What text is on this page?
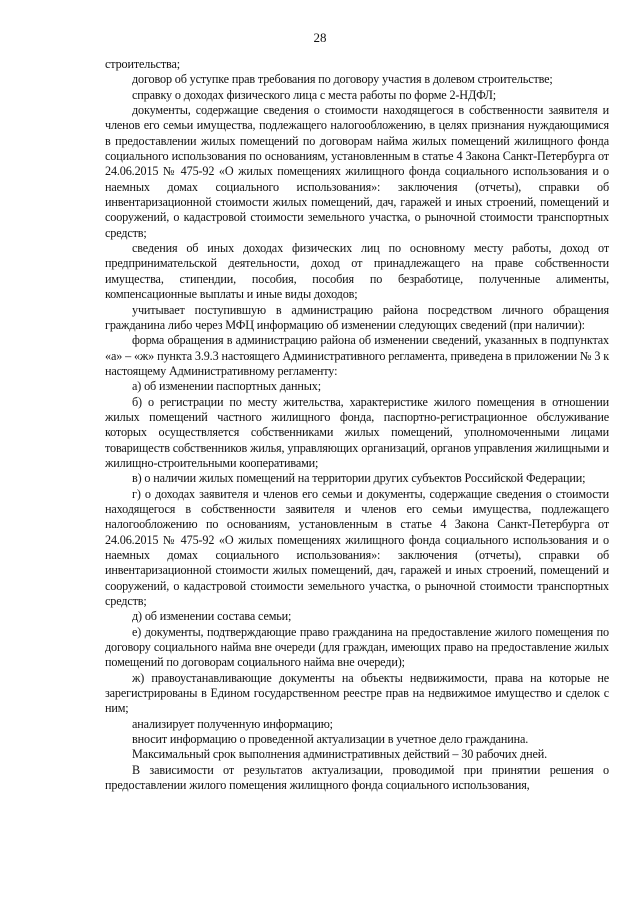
28

строительства;

договор об уступке прав требования по договору участия в долевом строительстве;

справку о доходах физического лица с места работы по форме 2-НДФЛ;

документы, содержащие сведения о стоимости находящегося в собственности заявителя и членов его семьи имущества, подлежащего налогообложению, в целях признания нуждающимися в предоставлении жилых помещений по договорам найма жилых помещений жилищного фонда социального использования по основаниям, установленным в статье 4 Закона Санкт-Петербурга от 24.06.2015 № 475-92 «О жилых помещениях жилищного фонда социального использования и о наемных домах социального использования»: заключения (отчеты), справки об инвентаризационной стоимости жилых помещений, дач, гаражей и иных строений, помещений и сооружений, о кадастровой стоимости земельного участка, о рыночной стоимости транспортных средств;

сведения об иных доходах физических лиц по основному месту работы, доход от предпринимательской деятельности, доход от принадлежащего на праве собственности имущества, стипендии, пособия, пособия по безработице, полученные алименты, компенсационные выплаты и иные виды доходов;

учитывает поступившую в администрацию района посредством личного обращения гражданина либо через МФЦ информацию об изменении следующих сведений (при наличии):

форма обращения в администрацию района об изменении сведений, указанных в подпунктах «а» – «ж» пункта 3.9.3 настоящего Административного регламента, приведена в приложении № 3 к настоящему Административному регламенту:

а) об изменении паспортных данных;

б) о регистрации по месту жительства, характеристике жилого помещения в отношении жилых помещений частного жилищного фонда, паспортно-регистрационное обслуживание которых осуществляется собственниками жилых помещений, уполномоченными лицами товариществ собственников жилья, управляющих организаций, органов управления жилищными и жилищно-строительными кооперативами;

в) о наличии жилых помещений на территории других субъектов Российской Федерации;

г) о доходах заявителя и членов его семьи и документы, содержащие сведения о стоимости находящегося в собственности заявителя и членов его семьи имущества, подлежащего налогообложению по основаниям, установленным в статье 4 Закона Санкт-Петербурга от 24.06.2015 № 475-92 «О жилых помещениях жилищного фонда социального использования и о наемных домах социального использования»: заключения (отчеты), справки об инвентаризационной стоимости жилых помещений, дач, гаражей и иных строений, помещений и сооружений, о кадастровой стоимости земельного участка, о рыночной стоимости транспортных средств;

д) об изменении состава семьи;

е) документы, подтверждающие право гражданина на предоставление жилого помещения по договору социального найма вне очереди (для граждан, имеющих право на предоставление жилых помещений по договорам социального найма вне очереди);

ж) правоустанавливающие документы на объекты недвижимости, права на которые не зарегистрированы в Едином государственном реестре прав на недвижимое имущество и сделок с ним;

анализирует полученную информацию;

вносит информацию о проведенной актуализации в учетное дело гражданина.

Максимальный срок выполнения административных действий – 30 рабочих дней.

В зависимости от результатов актуализации, проводимой при принятии решения о предоставлении жилого помещения жилищного фонда социального использования,
